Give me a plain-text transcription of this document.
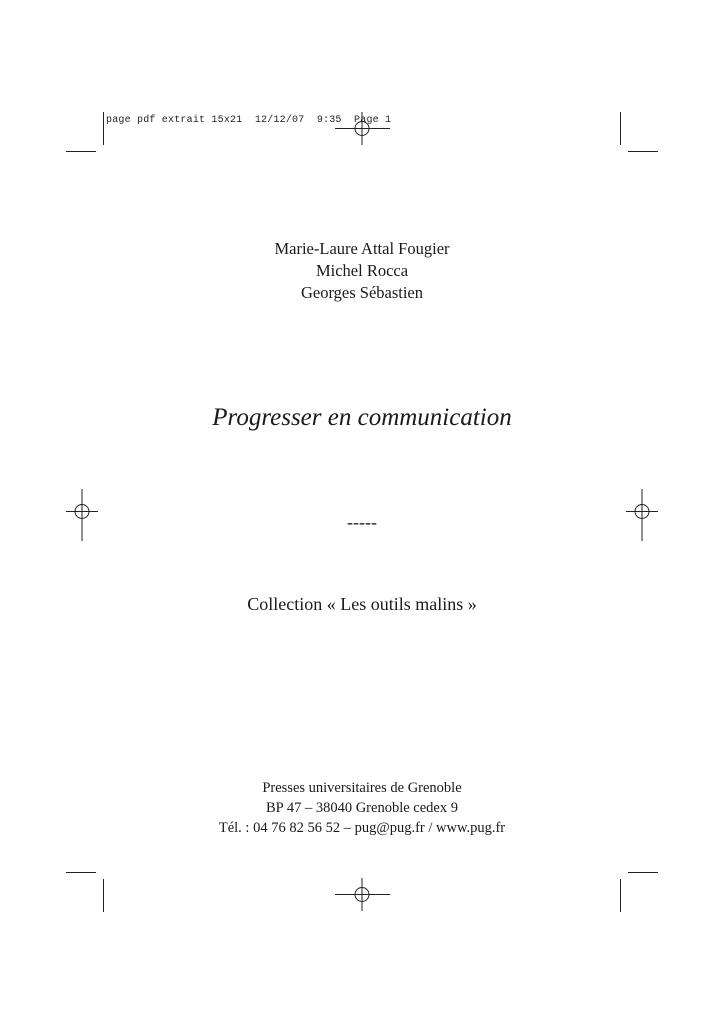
page pdf extrait 15x21  12/12/07  9:35  Page 1
Marie-Laure Attal Fougier
Michel Rocca
Georges Sébastien
Progresser en communication
-----
Collection « Les outils malins »
Presses universitaires de Grenoble
BP 47 – 38040 Grenoble cedex 9
Tél. : 04 76 82 56 52 – pug@pug.fr / www.pug.fr
